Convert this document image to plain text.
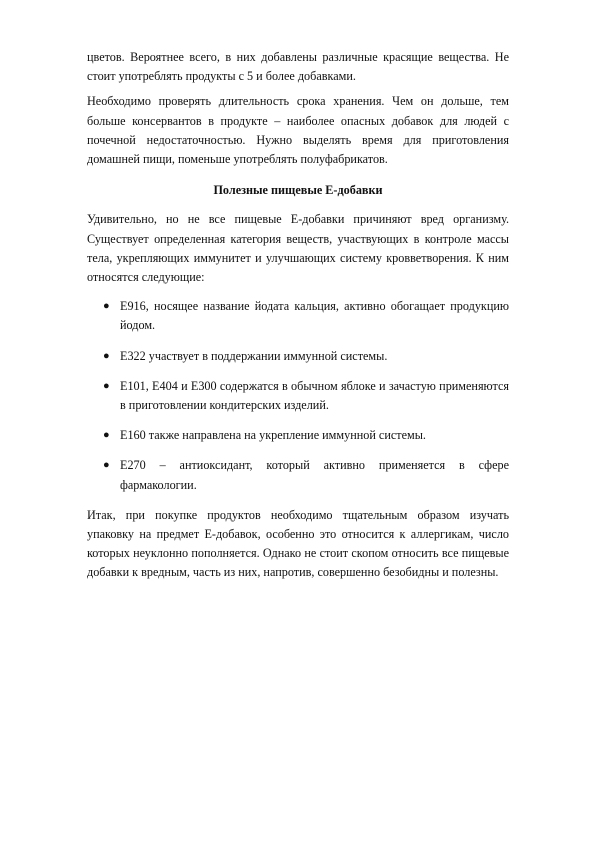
цветов. Вероятнее всего, в них добавлены различные красящие вещества. Не стоит употреблять продукты с 5 и более добавками.

Необходимо проверять длительность срока хранения. Чем он дольше, тем больше консервантов в продукте – наиболее опасных добавок для людей с почечной недостаточностью. Нужно выделять время для приготовления домашней пищи, поменьше употреблять полуфабрикатов.

Полезные пищевые Е-добавки

Удивительно, но не все пищевые Е-добавки причиняют вред организму. Существует определенная категория веществ, участвующих в контроле массы тела, укрепляющих иммунитет и улучшающих систему кровветворения. К ним относятся следующие:

● Е916, носящее название йодата кальция, активно обогащает продукцию йодом.
● Е322 участвует в поддержании иммунной системы.
● Е101, Е404 и Е300 содержатся в обычном яблоке и зачастую применяются в приготовлении кондитерских изделий.
● Е160 также направлена на укрепление иммунной системы.
● Е270 – антиоксидант, который активно применяется в сфере фармакологии.

Итак, при покупке продуктов необходимо тщательным образом изучать упаковку на предмет Е-добавок, особенно это относится к аллергикам, число которых неуклонно пополняется. Однако не стоит скопом относить все пищевые добавки к вредным, часть из них, напротив, совершенно безобидны и полезны.
